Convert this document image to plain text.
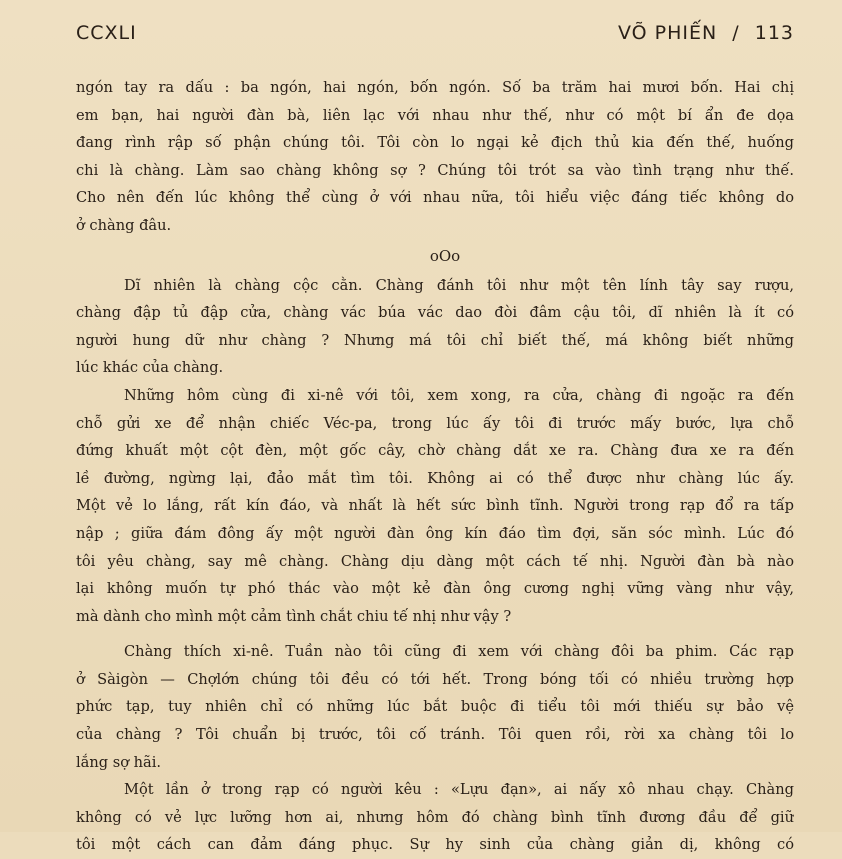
CCXLI	VÕ PHIẾN / 113
ngón tay ra dấu : ba ngón, hai ngón, bốn ngón. Số ba trăm hai mươi bốn. Hai chị
em bạn, hai người đàn bà, liên lạc với nhau như thế, như có một bí ẩn đe dọa
đang rình rập số phận chúng tôi. Tôi còn lo ngại kẻ địch thủ kia đến thế, huống
chi là chàng. Làm sao chàng không sợ ? Chúng tôi trót sa vào tình trạng như thế.
Cho nên đến lúc không thể cùng ở với nhau nữa, tôi hiểu việc đáng tiếc không do
ở chàng đâu.
oOo
Dĩ nhiên là chàng cộc cằn. Chàng đánh tôi như một tên lính tây say rượu,
chàng đập tủ đập cửa, chàng vác búa vác dao đòi đâm cậu tôi, dĩ nhiên là ít có
người hung dữ như chàng ? Nhưng má tôi chỉ biết thế, má không biết những
lúc khác của chàng.
Những hôm cùng đi xi-nê với tôi, xem xong, ra cửa, chàng đi ngoặc ra đến
chỗ gửi xe để nhận chiếc Véc-pa, trong lúc ấy tôi đi trước mấy bước, lựa chỗ
đứng khuất một cột đèn, một gốc cây, chờ chàng dắt xe ra. Chàng đưa xe ra đến
lề đường, ngừng lại, đảo mắt tìm tôi. Không ai có thể được như chàng lúc ấy.
Một vẻ lo lắng, rất kín đáo, và nhất là hết sức bình tĩnh. Người trong rạp đổ ra tấp
nập ; giữa đám đông ấy một người đàn ông kín đáo tìm đợi, săn sóc mình. Lúc đó
tôi yêu chàng, say mê chàng. Chàng dịu dàng một cách tế nhị. Người đàn bà nào
lại không muốn tự phó thác vào một kẻ đàn ông cương nghị vững vàng như vậy,
mà dành cho mình một cảm tình chắt chiu tế nhị như vậy ?
Chàng thích xi-nê. Tuần nào tôi cũng đi xem với chàng đôi ba phim. Các rạp
ở Sàigòn — Chợlớn chúng tôi đều có tới hết. Trong bóng tối có nhiều trường hợp
phức tạp, tuy nhiên chỉ có những lúc bắt buộc đi tiểu tôi mới thiếu sự bảo vệ
của chàng ? Tôi chuẩn bị trước, tôi cố tránh. Tôi quen rồi, rời xa chàng tôi lo
lắng sợ hãi.
Một lần ở trong rạp có người kêu : «Lựu đạn», ai nấy xô nhau chạy. Chàng
không có vẻ lực lưỡng hơn ai, nhưng hôm đó chàng bình tĩnh đương đầu để giữ
tôi một cách can đảm đáng phục. Sự hy sinh của chàng giản dị, không có
